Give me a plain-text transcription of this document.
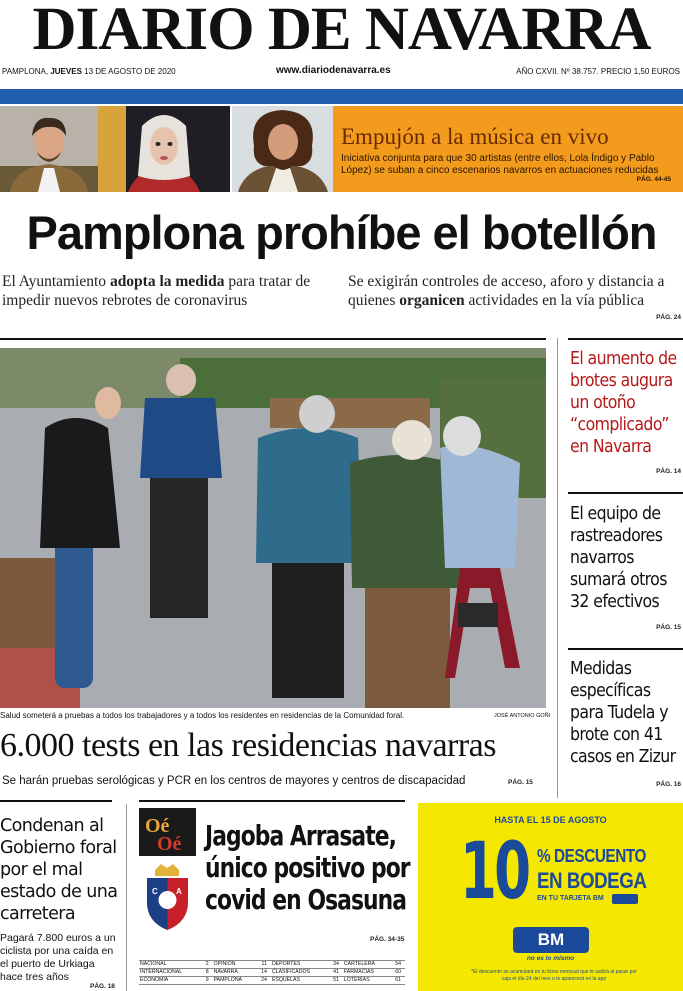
DIARIO DE NAVARRA
PAMPLONA, JUEVES 13 DE AGOSTO DE 2020	www.diariodenavarra.es	AÑO CXVII. Nº 38.757. PRECIO 1,50 EUROS
Empujón a la música en vivo
Iniciativa conjunta para que 30 artistas (entre ellos, Lola Índigo y Pablo López) se suban a cinco escenarios navarros en actuaciones reducidas
PÁG. 44-45
Pamplona prohíbe el botellón
El Ayuntamiento adopta la medida para tratar de impedir nuevos rebrotes de coronavirus
Se exigirán controles de acceso, aforo y distancia a quienes organicen actividades en la vía pública
PÁG. 24
Salud someterá a pruebas a todos los trabajadores y a todos los residentes en residencias de la Comunidad foral.	JOSÉ ANTONIO GOÑI
6.000 tests en las residencias navarras
Se harán pruebas serológicas y PCR en los centros de mayores y centros de discapacidad	PÁG. 15
El aumento de brotes augura un otoño “complicado” en Navarra
PÁG. 14
El equipo de rastreadores navarros sumará otros 32 efectivos
PÁG. 15
Medidas específicas para Tudela y brote con 41 casos en Zizur
PÁG. 16
Condenan al Gobierno foral por el mal estado de una carretera
Pagará 7.800 euros a un ciclista por una caída en el puerto de Urkiaga hace tres años
PÁG. 18
Oé
Oé
C A
Jagoba Arrasate, único positivo por covid en Osasuna
PÁG. 34-35
NACIONAL	2	OPINIÓN	11	DEPORTES	34	CARTELERA	54
INTERNACIONAL	8	NAVARRA	14	CLASIFICADOS	41	FARMACIAS	60
ECONOMÍA	9	PAMPLONA	24	ESQUELAS	51	LOTERÍAS	61
HASTA EL 15 DE AGOSTO
10 % DESCUENTO
EN BODEGA
EN TU TARJETA BM
BM
no es lo mismo
*El descuento se acumulará en tu bono mensual que te saldrá al pasar por caja el día 24 del mes o te aparecerá en la app
